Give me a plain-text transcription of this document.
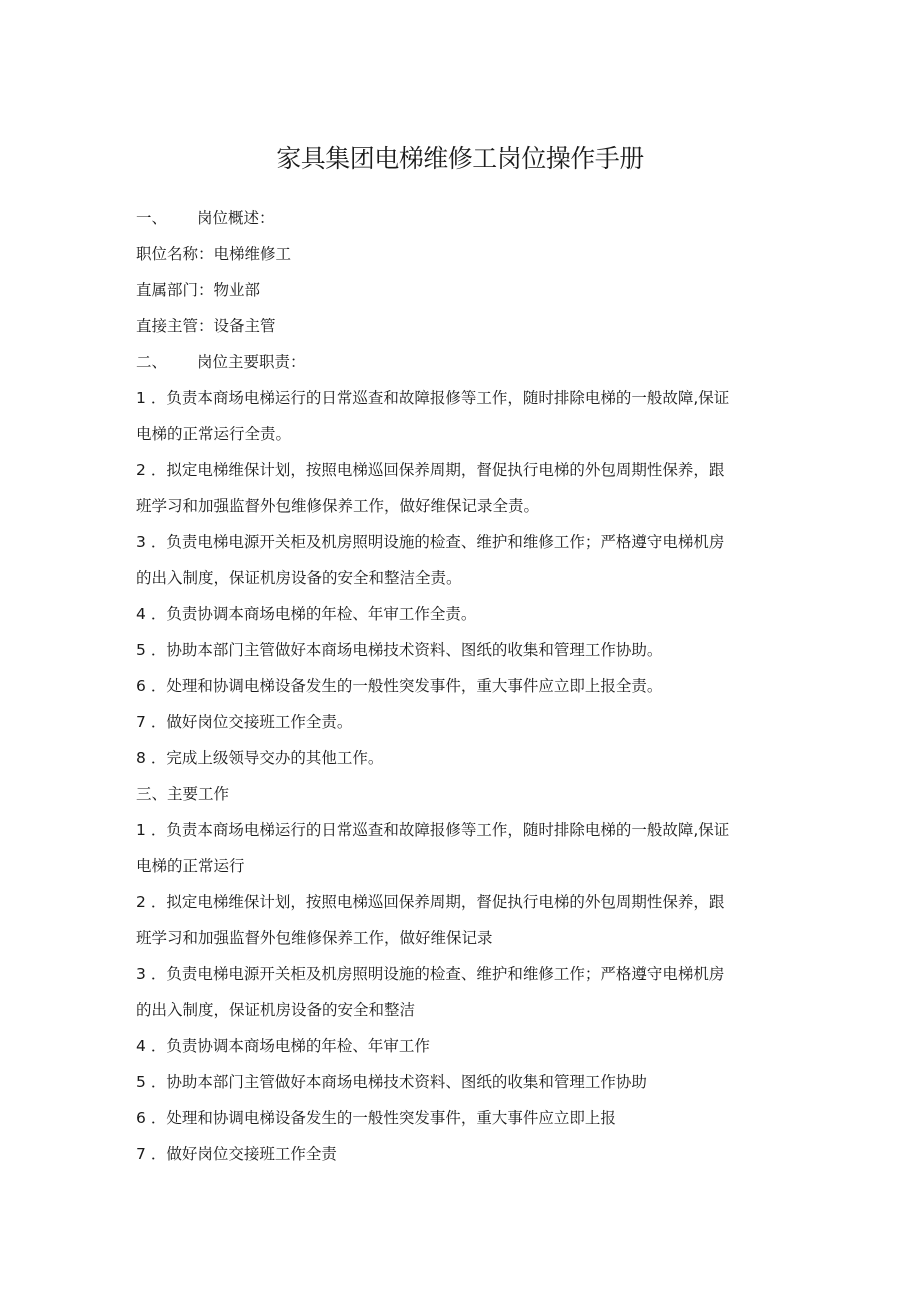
家具集团电梯维修工岗位操作手册
一、 岗位概述：
职位名称：电梯维修工
直属部门：物业部
直接主管：设备主管
二、 岗位主要职责：
1 ．负责本商场电梯运行的日常巡查和故障报修等工作，随时排除电梯的一般故障,保证
电梯的正常运行全责。
2 ．拟定电梯维保计划，按照电梯巡回保养周期，督促执行电梯的外包周期性保养，跟
班学习和加强监督外包维修保养工作，做好维保记录全责。
3 ．负责电梯电源开关柜及机房照明设施的检查、维护和维修工作；严格遵守电梯机房
的出入制度，保证机房设备的安全和整洁全责。
4 ．负责协调本商场电梯的年检、年审工作全责。
5 ．协助本部门主管做好本商场电梯技术资料、图纸的收集和管理工作协助。
6 ．处理和协调电梯设备发生的一般性突发事件，重大事件应立即上报全责。
7 ．做好岗位交接班工作全责。
8 ．完成上级领导交办的其他工作。
三、主要工作
1 ．负责本商场电梯运行的日常巡查和故障报修等工作，随时排除电梯的一般故障,保证
电梯的正常运行
2 ．拟定电梯维保计划，按照电梯巡回保养周期，督促执行电梯的外包周期性保养，跟
班学习和加强监督外包维修保养工作，做好维保记录
3 ．负责电梯电源开关柜及机房照明设施的检查、维护和维修工作；严格遵守电梯机房
的出入制度，保证机房设备的安全和整洁
4 ．负责协调本商场电梯的年检、年审工作
5 ．协助本部门主管做好本商场电梯技术资料、图纸的收集和管理工作协助
6 ．处理和协调电梯设备发生的一般性突发事件，重大事件应立即上报
7 ．做好岗位交接班工作全责
